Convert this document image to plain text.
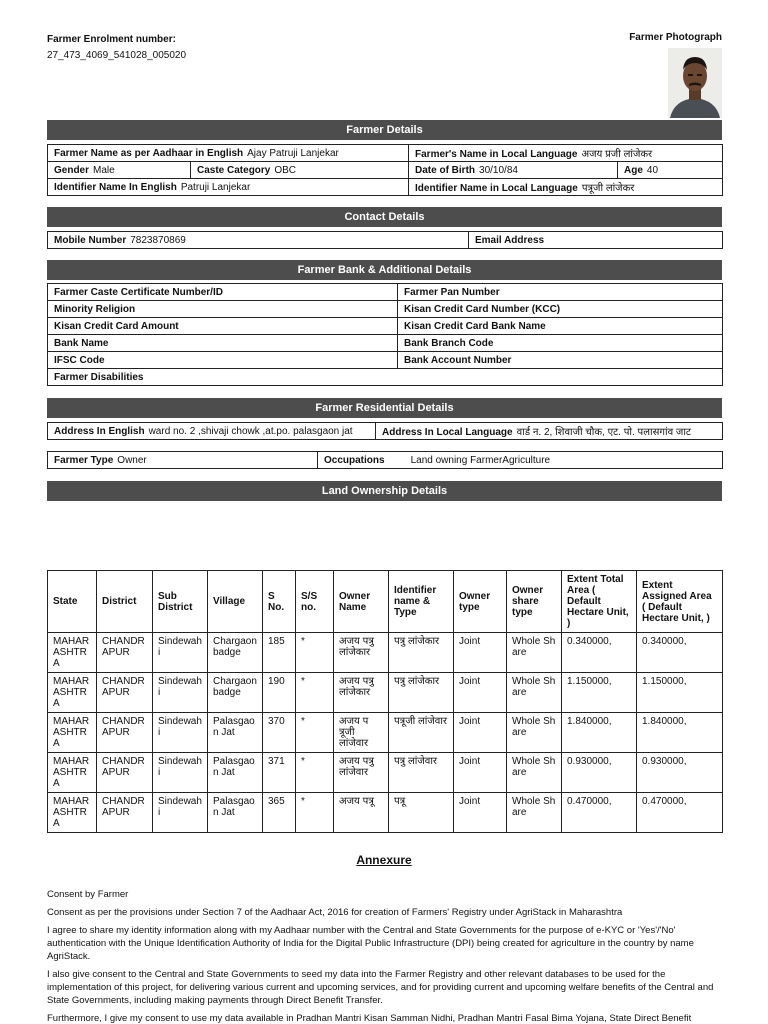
Farmer Enrolment number:
27_473_4069_541028_005020
Farmer Photograph
Farmer Details
Farmer Name as per Aadhaar in English Ajay Patruji Lanjekar		Farmer's Name in Local Language अजय प्रजी लांजेकर	
Gender Male	Caste Category OBC	Date of Birth 30/10/84	Age 40
Identifier Name In English Patruji Lanjekar		Identifier Name in Local Language पत्रूजी लांजेकर	
Contact Details
Mobile Number 7823870869	Email Address
Farmer Bank & Additional Details
Farmer Caste Certificate Number/ID	Farmer Pan Number
Minority Religion	Kisan Credit Card Number (KCC)
Kisan Credit Card Amount	Kisan Credit Card Bank Name
Bank Name	Bank Branch Code
IFSC Code	Bank Account Number
Farmer Disabilities	
Farmer Residential Details
Address In English ward no. 2 ,shivaji chowk ,at.po. palasgaon jat	Address In Local Language वार्ड न. 2, शिवाजी चौक, एट. पो. पलासगांव जाट
Farmer Type Owner	Occupations	Land owning FarmerAgriculture
Land Ownership Details
State	District	Sub District	Village	S No.	S/S no.	Owner Name	Identifier name & Type	Owner type	Owner share type	Extent Total Area ( Default Hectare Unit, )	Extent Assigned Area ( Default Hectare Unit, )
MAHARASHTRA	CHANDRAPUR	Sindewahi	Chargaonbadge	185	*	अजय पत्रु लांजेकार	पत्रु लांजेकार	Joint	Whole Share	0.340000,	0.340000,
MAHARASHTRA	CHANDRAPUR	Sindewahi	Chargaonbadge	190	*	अजय पत्रु लांजेकार	पत्रु लांजेकार	Joint	Whole Share	1.150000,	1.150000,
MAHARASHTRA	CHANDRAPUR	Sindewahi	Palasgaon Jat	370	*	अजय पत्रूजी लांजेवार	पत्रूजी लांजेवार	Joint	Whole Share	1.840000,	1.840000,
MAHARASHTRA	CHANDRAPUR	Sindewahi	Palasgaon Jat	371	*	अजय पत्रु लांजेवार	पत्रु लांजेवार	Joint	Whole Share	0.930000,	0.930000,
MAHARASHTRA	CHANDRAPUR	Sindewahi	Palasgaon Jat	365	*	अजय पत्रू	पत्रू	Joint	Whole Share	0.470000,	0.470000,
Annexure

Consent by Farmer

Consent as per the provisions under Section 7 of the Aadhaar Act, 2016 for creation of Farmers' Registry under AgriStack in Maharashtra

I agree to share my identity information along with my Aadhaar number with the Central and State Governments for the purpose of e-KYC or 'Yes'/'No' authentication with the Unique Identification Authority of India for the Digital Public Infrastructure (DPI) being created for agriculture in the country by name AgriStack.

I also give consent to the Central and State Governments to seed my data into the Farmer Registry and other relevant databases to be used for the implementation of this project, for delivering various current and upcoming services, and for providing current and upcoming welfare benefits of the Central and State Governments, including making payments through Direct Benefit Transfer.

Furthermore, I give my consent to use my data available in Pradhan Mantri Kisan Samman Nidhi, Pradhan Mantri Fasal Bima Yojana, State Direct Benefit
